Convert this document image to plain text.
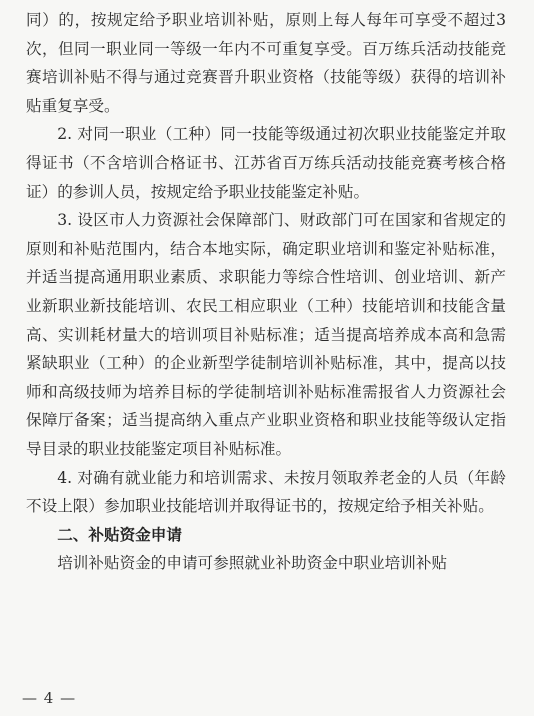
同）的，按规定给予职业培训补贴，原则上每人每年可享受不超过3次，但同一职业同一等级一年内不可重复享受。百万练兵活动技能竞赛培训补贴不得与通过竞赛晋升职业资格（技能等级）获得的培训补贴重复享受。

2. 对同一职业（工种）同一技能等级通过初次职业技能鉴定并取得证书（不含培训合格证书、江苏省百万练兵活动技能竞赛考核合格证）的参训人员，按规定给予职业技能鉴定补贴。

3. 设区市人力资源社会保障部门、财政部门可在国家和省规定的原则和补贴范围内，结合本地实际，确定职业培训和鉴定补贴标准，并适当提高通用职业素质、求职能力等综合性培训、创业培训、新产业新职业新技能培训、农民工相应职业（工种）技能培训和技能含量高、实训耗材量大的培训项目补贴标准；适当提高培养成本高和急需紧缺职业（工种）的企业新型学徒制培训补贴标准，其中，提高以技师和高级技师为培养目标的学徒制培训补贴标准需报省人力资源社会保障厅备案；适当提高纳入重点产业职业资格和职业技能等级认定指导目录的职业技能鉴定项目补贴标准。

4. 对确有就业能力和培训需求、未按月领取养老金的人员（年龄不设上限）参加职业技能培训并取得证书的，按规定给予相关补贴。

二、补贴资金申请

培训补贴资金的申请可参照就业补助资金中职业培训补贴

— 4 —
